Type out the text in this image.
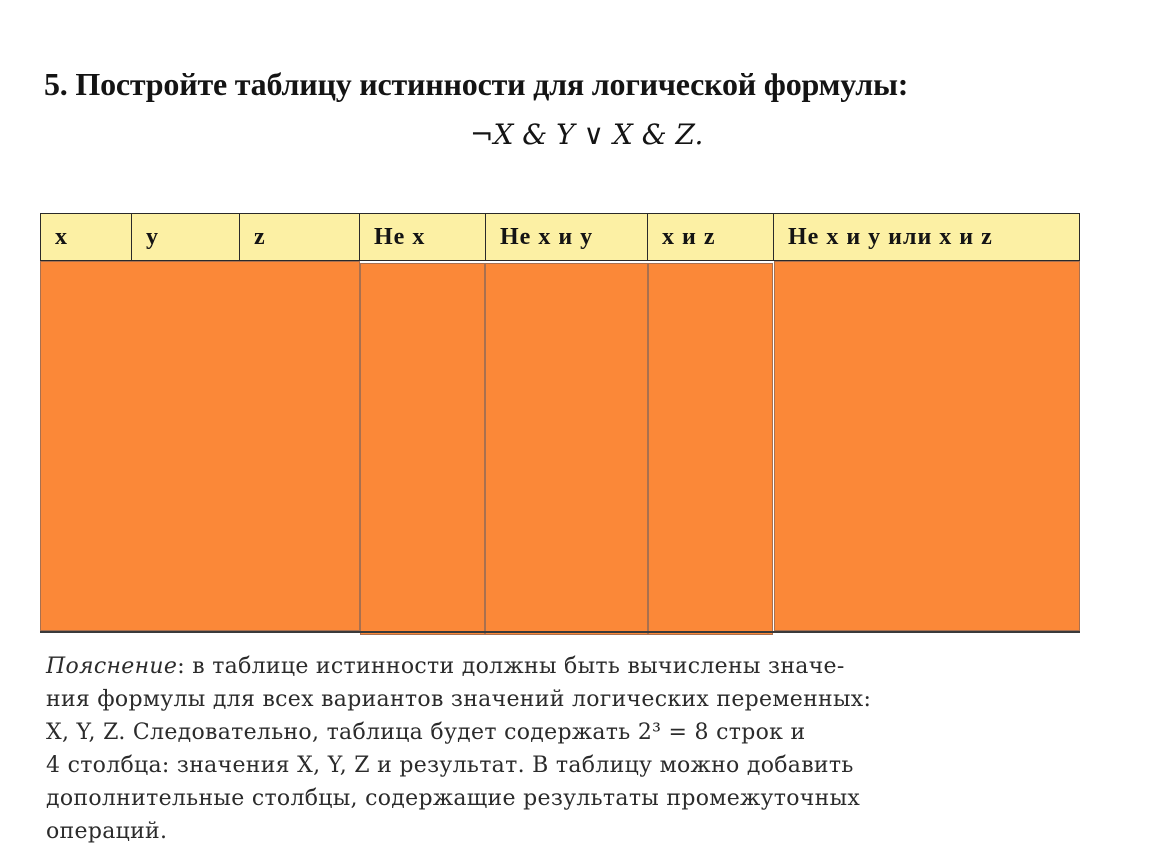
5. Постройте таблицу истинности для логической формулы:
¬X & Y ∨ X & Z.
x	y	z	Не x	Не x и y	x и z	Не x и y или x и z
Пояснение: в таблице истинности должны быть вычислены значе-
ния формулы для всех вариантов значений логических переменных:
X, Y, Z. Следовательно, таблица будет содержать 2³ = 8 строк и
4 столбца: значения X, Y, Z и результат. В таблицу можно добавить
дополнительные столбцы, содержащие результаты промежуточных
операций.
